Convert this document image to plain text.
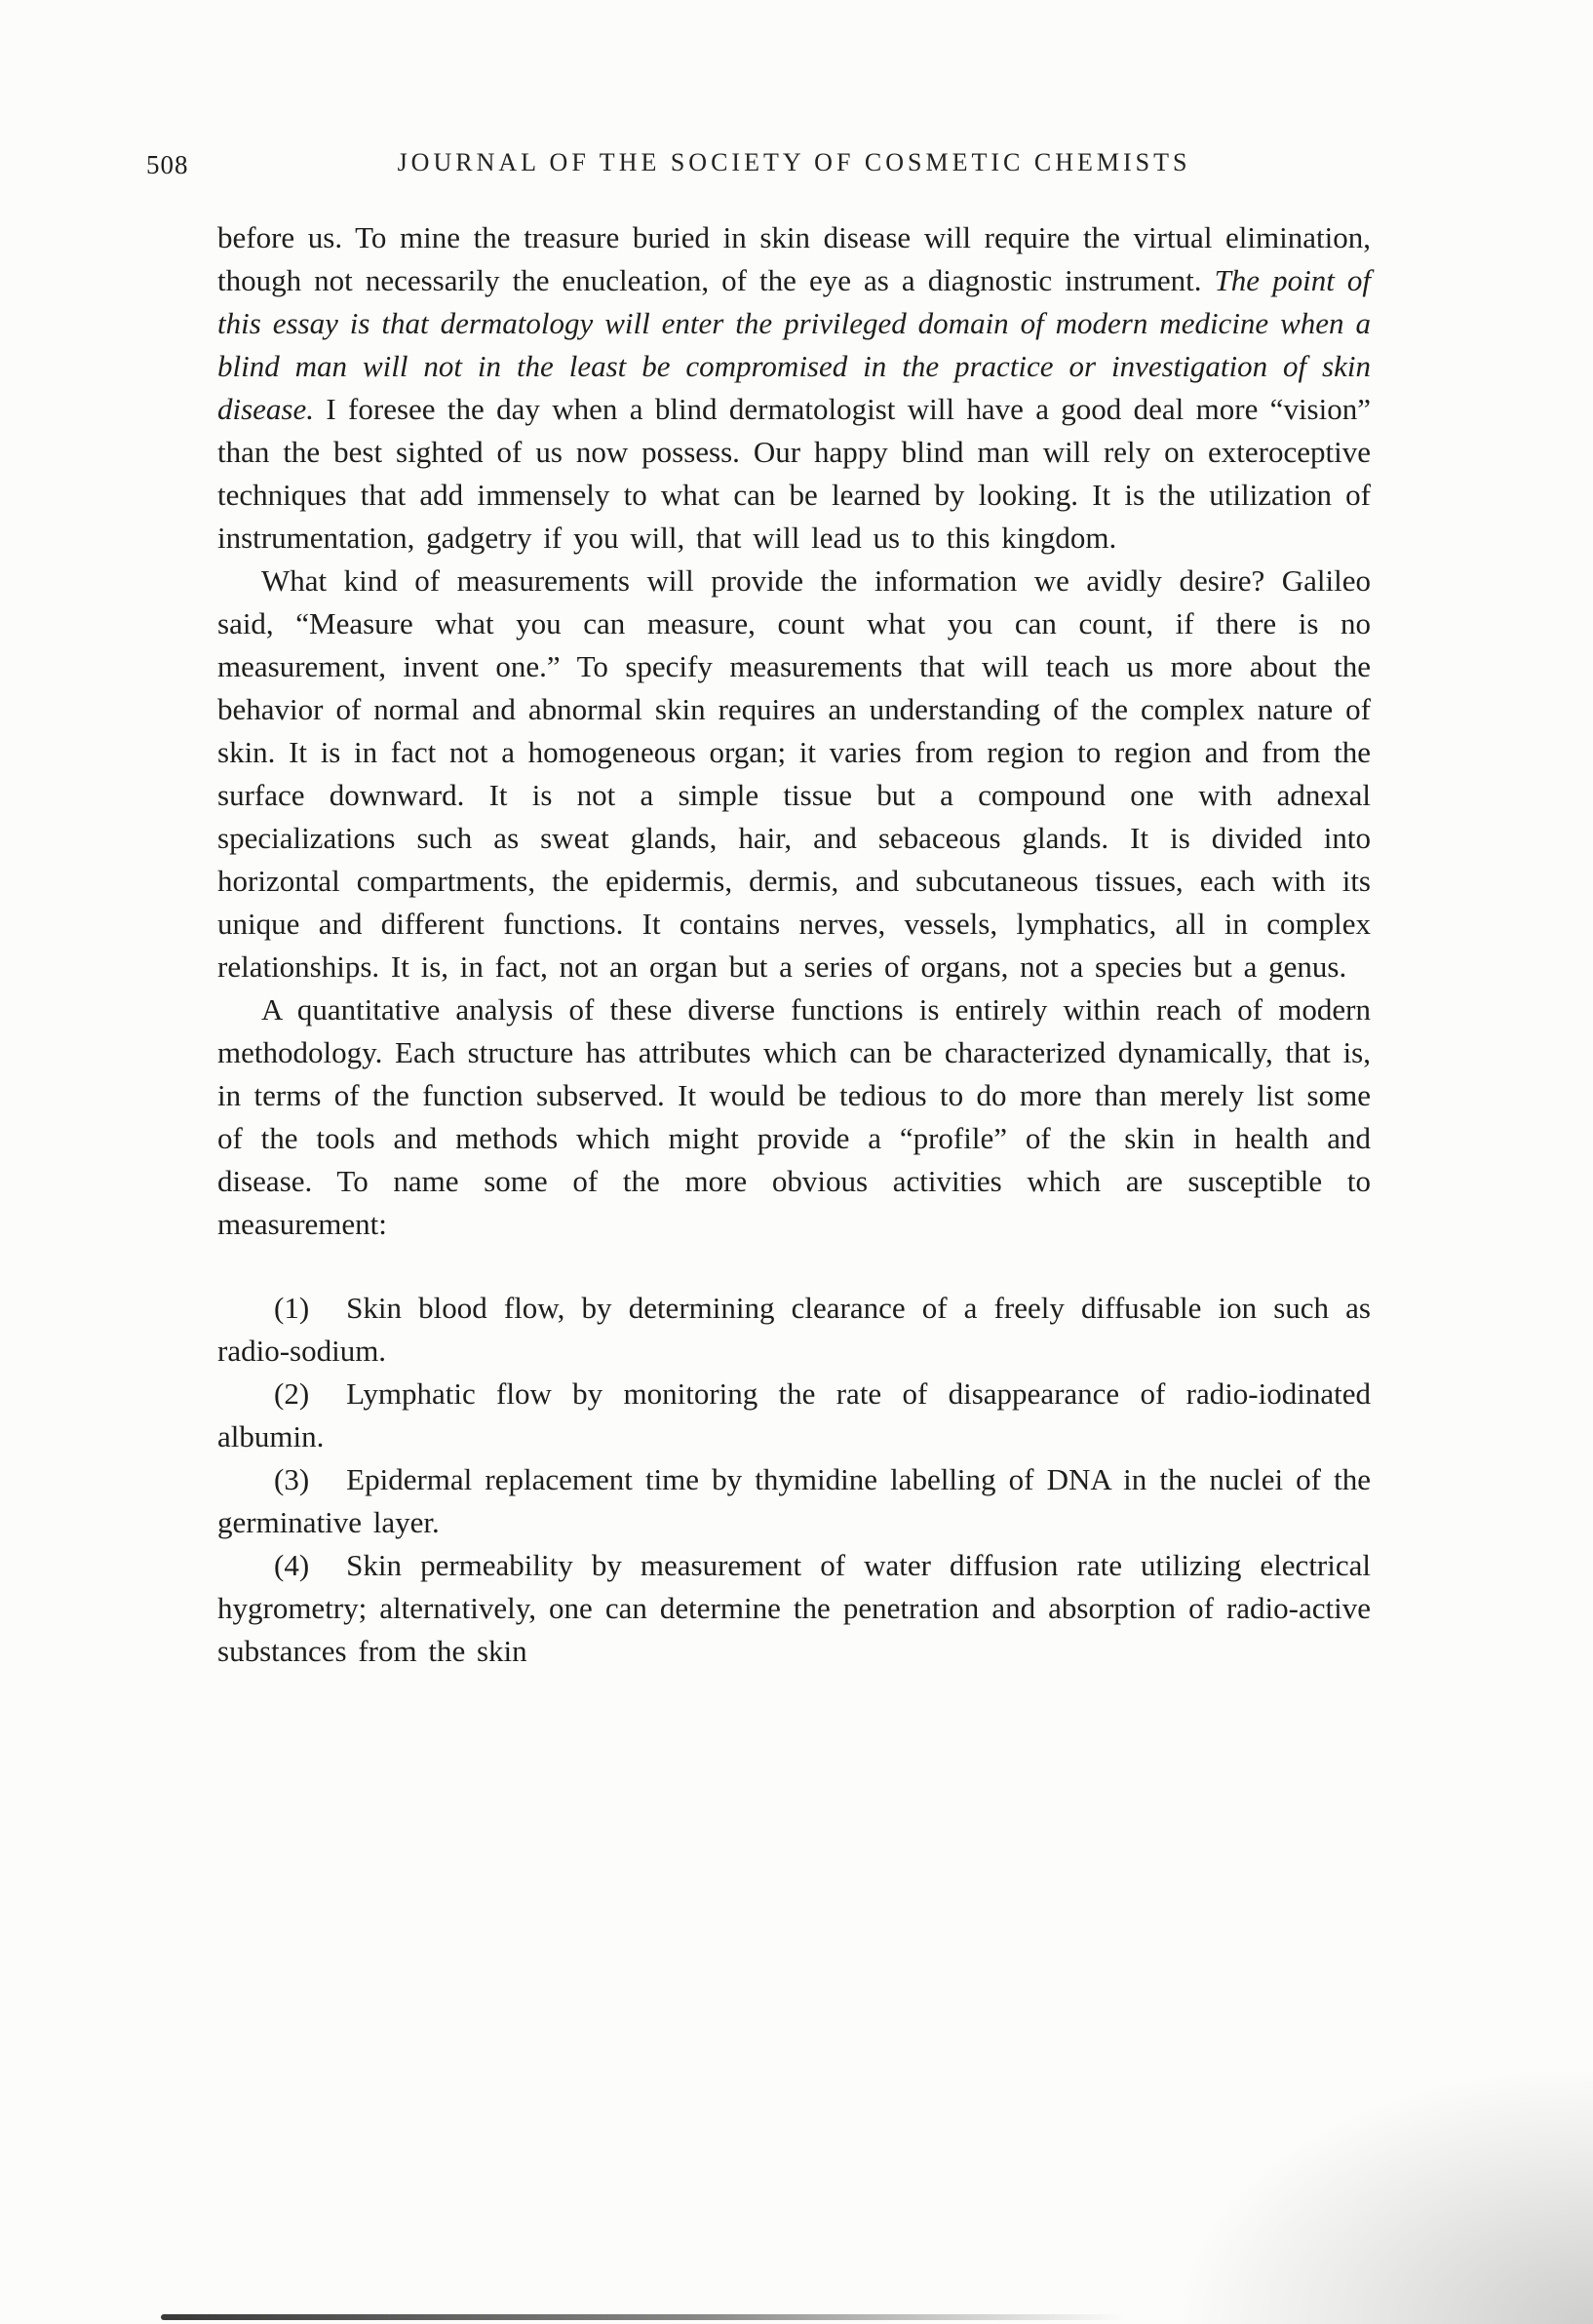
508	JOURNAL OF THE SOCIETY OF COSMETIC CHEMISTS

before us. To mine the treasure buried in skin disease will require the virtual elimination, though not necessarily the enucleation, of the eye as a diagnostic instrument. The point of this essay is that dermatology will enter the privileged domain of modern medicine when a blind man will not in the least be compromised in the practice or investigation of skin disease. I foresee the day when a blind dermatologist will have a good deal more “vision” than the best sighted of us now possess. Our happy blind man will rely on exteroceptive techniques that add immensely to what can be learned by looking. It is the utilization of instrumentation, gadgetry if you will, that will lead us to this kingdom.

What kind of measurements will provide the information we avidly desire? Galileo said, “Measure what you can measure, count what you can count, if there is no measurement, invent one.” To specify measurements that will teach us more about the behavior of normal and abnormal skin requires an understanding of the complex nature of skin. It is in fact not a homogeneous organ; it varies from region to region and from the surface downward. It is not a simple tissue but a compound one with adnexal specializations such as sweat glands, hair, and sebaceous glands. It is divided into horizontal compartments, the epidermis, dermis, and subcutaneous tissues, each with its unique and different functions. It contains nerves, vessels, lymphatics, all in complex relationships. It is, in fact, not an organ but a series of organs, not a species but a genus.

A quantitative analysis of these diverse functions is entirely within reach of modern methodology. Each structure has attributes which can be characterized dynamically, that is, in terms of the function subserved. It would be tedious to do more than merely list some of the tools and methods which might provide a “profile” of the skin in health and disease. To name some of the more obvious activities which are susceptible to measurement:

(1) Skin blood flow, by determining clearance of a freely diffusable ion such as radio-sodium.

(2) Lymphatic flow by monitoring the rate of disappearance of radio-iodinated albumin.

(3) Epidermal replacement time by thymidine labelling of DNA in the nuclei of the germinative layer.

(4) Skin permeability by measurement of water diffusion rate utilizing electrical hygrometry; alternatively, one can determine the penetration and absorption of radio-active substances from the skin
